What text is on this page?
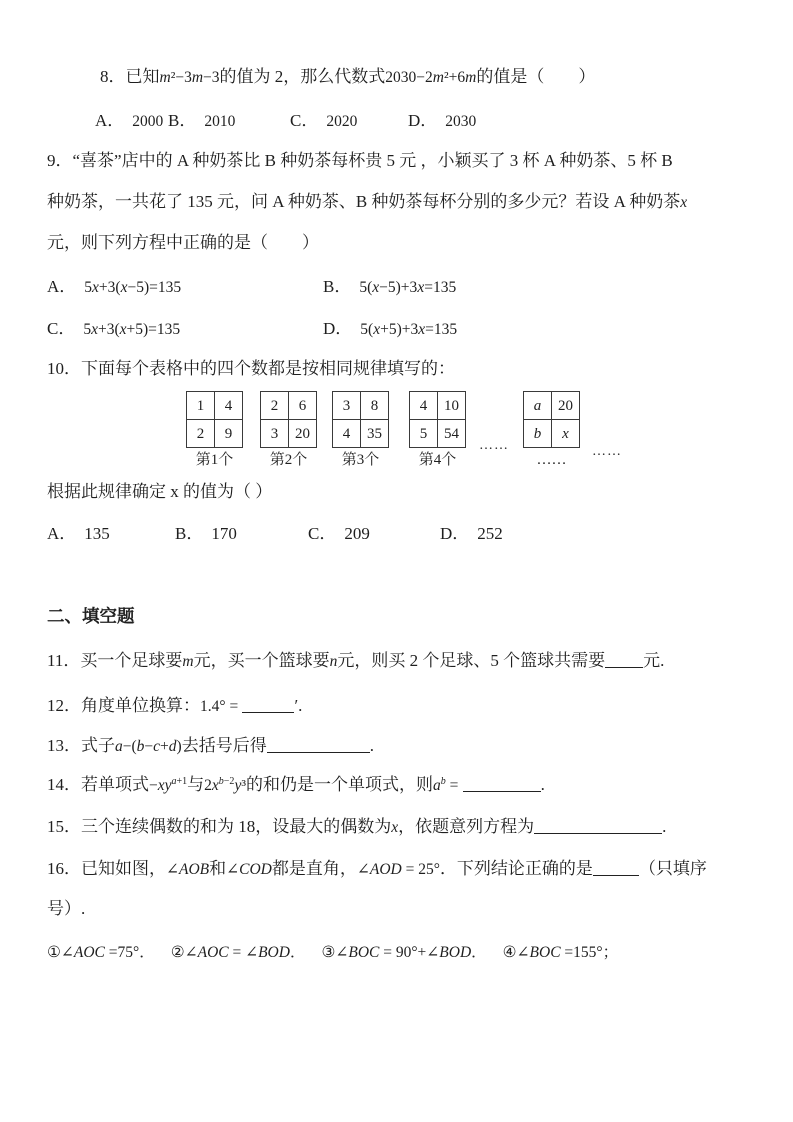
8．已知m²−3m−3的值为 2，那么代数式2030−2m²+6m的值是（　　）
A． 2000 B． 2010	C． 2020	D． 2030
9．“喜茶”店中的 A 种奶茶比 B 种奶茶每杯贵 5 元 ，小颖买了 3 杯 A 种奶茶、5 杯 B
种奶茶，一共花了 135 元，问 A 种奶茶、B 种奶茶每杯分别的多少元？若设 A 种奶茶x
元，则下列方程中正确的是（　　）
A． 5x+3(x−5)=135	B． 5(x−5)+3x=135
C． 5x+3(x+5)=135	D． 5(x+5)+3x=135
10．下面每个表格中的四个数都是按相同规律填写的：
1	4
2	9
第1个
2	6
3	20
第2个
3	8
4	35
第3个
4	10
5	54
第4个
……
a	20
b	x
……
……
根据此规律确定 x 的值为（ ）
A． 135	B． 170	C． 209	D． 252
二、填空题
11．买一个足球要m元，买一个篮球要n元，则买 2 个足球、5 个篮球共需要 元.
12．角度单位换算：1.4° =	′.
13．式子a−(b−c+d)去括号后得	.
14．若单项式$-xy^{a+1}$与$2x^{b-2}y^3$的和仍是一个单项式，则$a^b$ =	.
15．三个连续偶数的和为 18，设最大的偶数为x，依题意列方程为	.
16．已知如图，∠AOB和∠COD都是直角，∠AOD = 25°．下列结论正确的是	（只填序
号）.
①∠AOC =75°． ②∠AOC = ∠BOD． ③∠BOC = 90°+∠BOD． ④∠BOC =155°；
